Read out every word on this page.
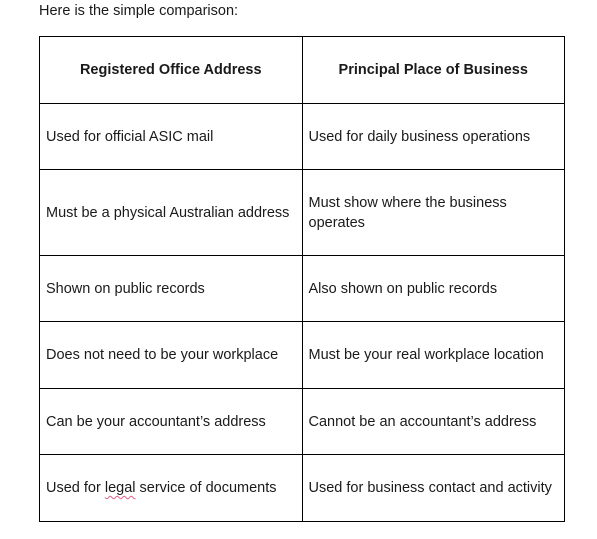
Here is the simple comparison:
Registered Office Address	Principal Place of Business
Used for official ASIC mail	Used for daily business operations
Must be a physical Australian address	Must show where the business operates
Shown on public records	Also shown on public records
Does not need to be your workplace	Must be your real workplace location
Can be your accountant’s address	Cannot be an accountant’s address
Used for legal service of documents	Used for business contact and activity
